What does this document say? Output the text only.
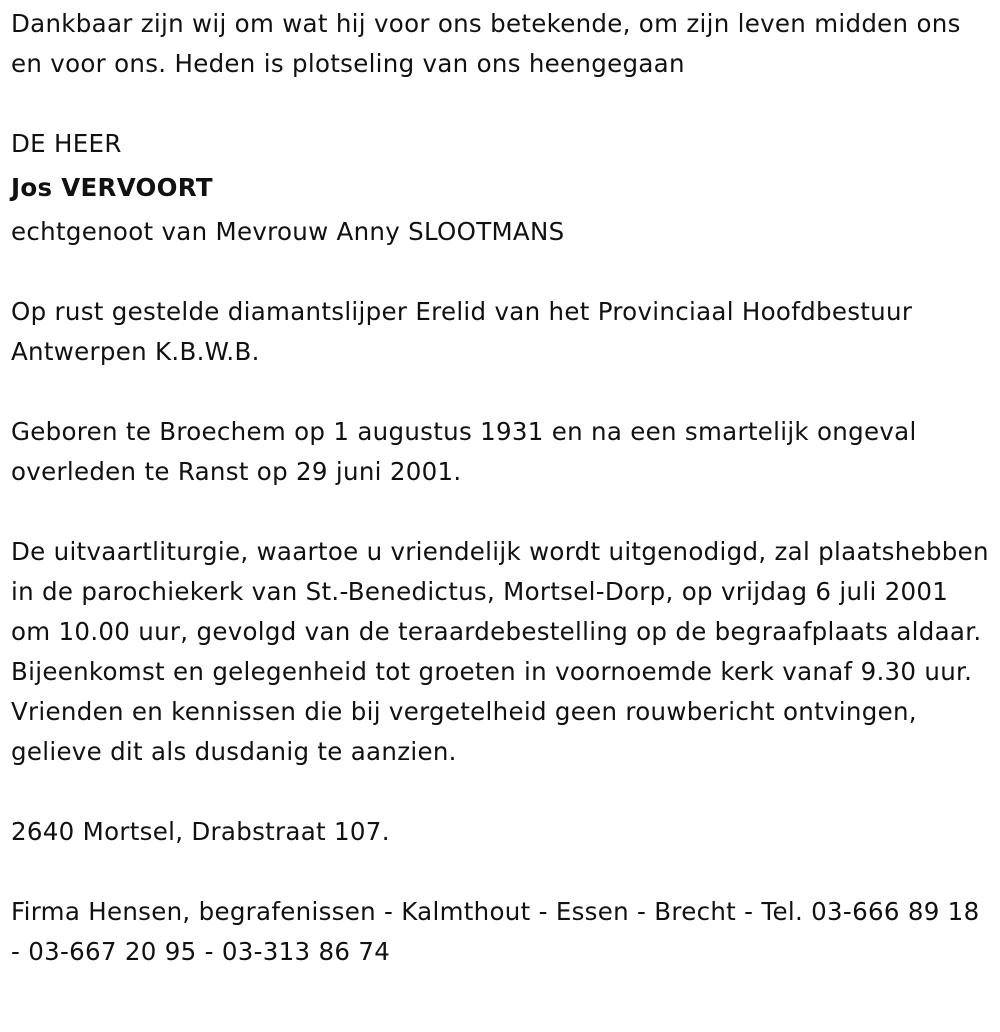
Dankbaar zijn wij om wat hij voor ons betekende, om zijn leven midden ons en voor ons. Heden is plotseling van ons heengegaan

DE HEER

Jos VERVOORT

echtgenoot van Mevrouw Anny SLOOTMANS

Op rust gestelde diamantslijper Erelid van het Provinciaal Hoofdbestuur Antwerpen K.B.W.B.

Geboren te Broechem op 1 augustus 1931 en na een smartelijk ongeval overleden te Ranst op 29 juni 2001.

De uitvaartliturgie, waartoe u vriendelijk wordt uitgenodigd, zal plaatshebben in de parochiekerk van St.-Benedictus, Mortsel-Dorp, op vrijdag 6 juli 2001 om 10.00 uur, gevolgd van de teraardebestelling op de begraafplaats aldaar. Bijeenkomst en gelegenheid tot groeten in voornoemde kerk vanaf 9.30 uur. Vrienden en kennissen die bij vergetelheid geen rouwbericht ontvingen, gelieve dit als dusdanig te aanzien.

2640 Mortsel, Drabstraat 107.

Firma Hensen, begrafenissen - Kalmthout - Essen - Brecht - Tel. 03-666 89 18 - 03-667 20 95 - 03-313 86 74
